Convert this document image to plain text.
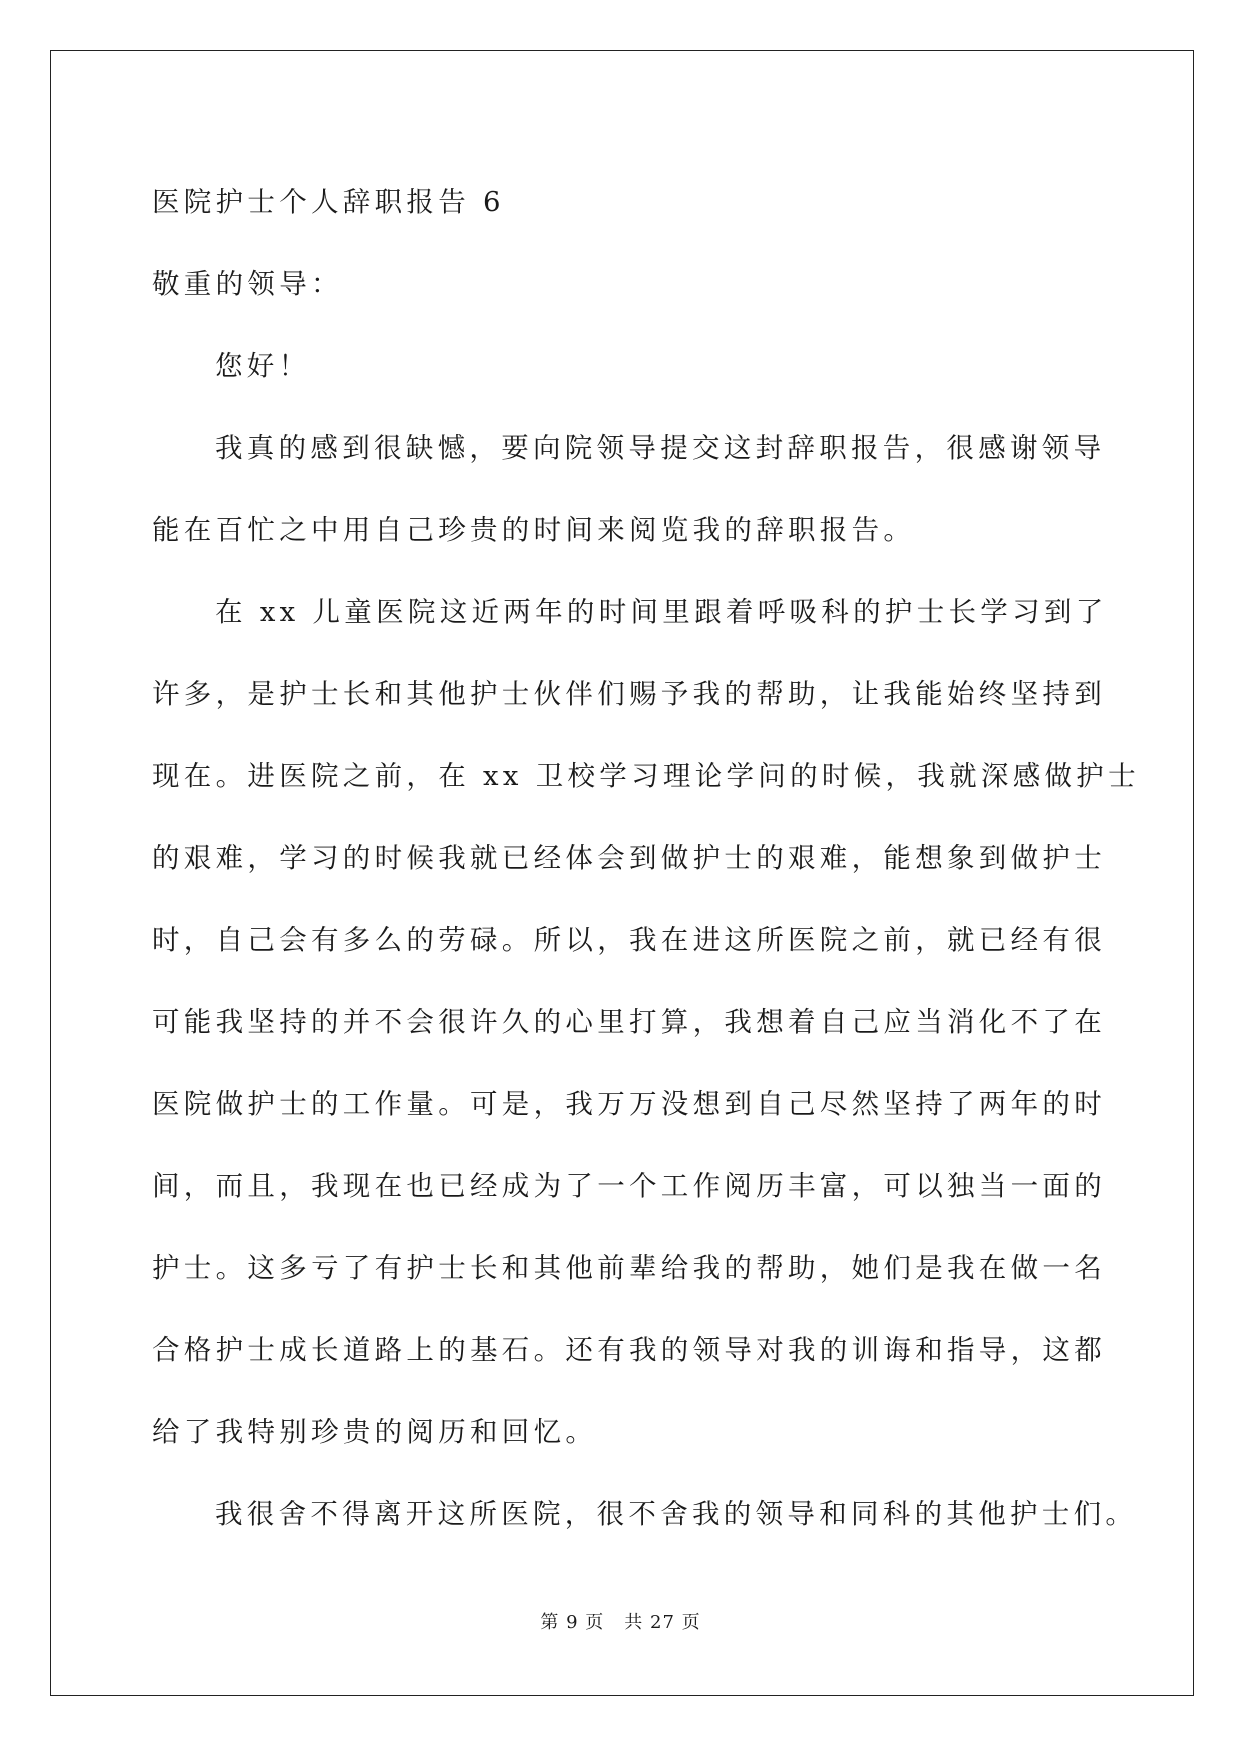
医院护士个人辞职报告 6
敬重的领导：
您好！
我真的感到很缺憾，要向院领导提交这封辞职报告，很感谢领导
能在百忙之中用自己珍贵的时间来阅览我的辞职报告。
在 xx 儿童医院这近两年的时间里跟着呼吸科的护士长学习到了
许多，是护士长和其他护士伙伴们赐予我的帮助，让我能始终坚持到
现在。进医院之前，在 xx 卫校学习理论学问的时候，我就深感做护士
的艰难，学习的时候我就已经体会到做护士的艰难，能想象到做护士
时，自己会有多么的劳碌。所以，我在进这所医院之前，就已经有很
可能我坚持的并不会很许久的心里打算，我想着自己应当消化不了在
医院做护士的工作量。可是，我万万没想到自己尽然坚持了两年的时
间，而且，我现在也已经成为了一个工作阅历丰富，可以独当一面的
护士。这多亏了有护士长和其他前辈给我的帮助，她们是我在做一名
合格护士成长道路上的基石。还有我的领导对我的训诲和指导，这都
给了我特别珍贵的阅历和回忆。
我很舍不得离开这所医院，很不舍我的领导和同科的其他护士们。
第 9 页 共 27 页
